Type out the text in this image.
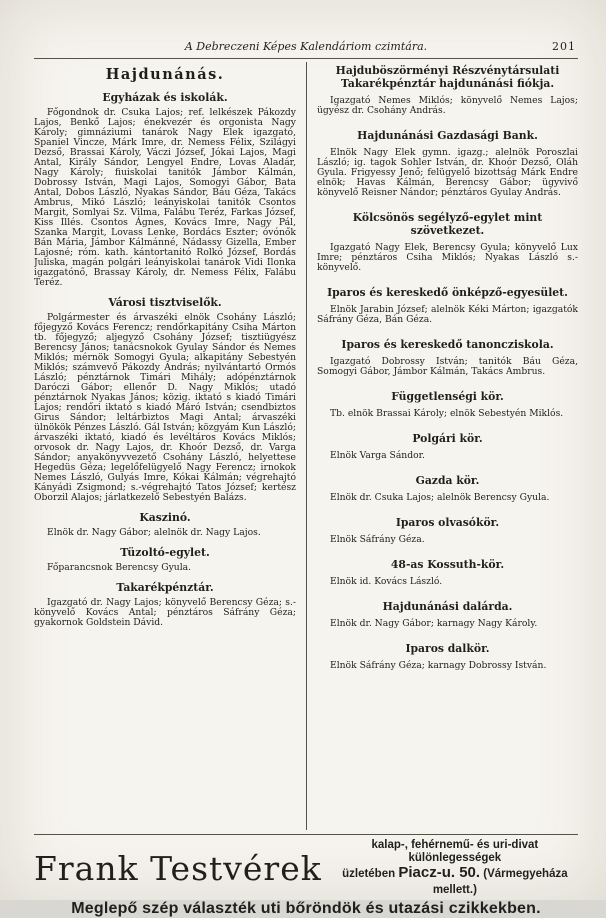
A Debreczeni Képes Kalendáriom czimtára.	201
Hajdunánás.
Egyházak és iskolák.

Főgondnok dr. Csuka Lajos; ref. lelkészek Pákozdy Lajos, Benkő Lajos; énekvezér és orgonista Nagy Károly; gimnáziumi tanárok Nagy Elek igazgató, Spaniel Vincze, Márk Imre, dr. Nemess Félix, Szilágyi Dezső, Brassai Károly, Váczi József, Jókai Lajos, Magi Antal, Király Sándor, Lengyel Endre, Lovas Aladár, Nagy Károly; fiuiskolai tanitók Jámbor Kálmán, Dobrossy István, Magi Lajos, Somogyi Gábor, Bata Antal, Dobos László, Nyakas Sándor, Báu Géza, Takács Ambrus, Mikó László; leányiskolai tanitók Csontos Margit, Somlyai Sz. Vilma, Falábu Teréz, Farkas József, Kiss Illés. Csontos Ágnes, Kovács Imre, Nagy Pál, Szanka Margit, Lovass Lenke, Bordács Eszter; óvónők Bán Mária, Jámbor Kálmánné, Nádassy Gizella, Ember Lajosné; róm. kath. kántortanitó Rolkó József, Bordás Juliska, magán polgári leányiskolai tanárok Vidi Ilonka igazgatónő, Brassay Károly, dr. Nemess Félix, Falábu Teréz.

Városi tisztviselők.

Polgármester és árvaszéki elnök Csohány László; főjegyző Kovács Ferencz; rendőrkapitány Csiha Márton tb. főjegyző; aljegyző Csohány József; tisztiügyész Berencsy János; tanácsnokok Gyulay Sándor és Nemes Miklós; mérnök Somogyi Gyula; alkapitány Sebestyén Miklós; számvevő Pákozdy András; nyilvántartó Ormós László; pénztárnok Timári Mihály; adópénztárnok Daróczi Gábor; ellenőr D. Nagy Miklós; utadó pénztárnok Nyakas János; közig. iktató s kiadó Timári Lajos; rendőri iktató s kiadó Máró István; csendbiztos Girus Sándor; leltárbiztos Magi Antal; árvaszéki ülnökök Pénzes László. Gál István; közgyám Kun László; árvaszéki iktató, kiadó és levéltáros Kovács Miklós; orvosok dr. Nagy Lajos, dr. Khoór Dezső, dr. Varga Sándor; anyakönyvvezető Csohány László, helyettese Hegedüs Géza; legelőfelügyelő Nagy Ferencz; irnokok Nemes László, Gulyás Imre, Kókai Kálmán; végrehajtó Kányádi Zsigmond; s.-végrehajtó Tatos József; kertész Oborzil Alajos; járlatkezelő Sebestyén Balázs.

Kaszinó.

Elnök dr. Nagy Gábor; alelnök dr. Nagy Lajos.

Tüzoltó-egylet.

Főparancsnok Berencsy Gyula.

Takarékpénztár.

Igazgató dr. Nagy Lajos; könyvelő Berencsy Géza; s.-könyvelő Kovács Antal; pénztáros Sáfrány Géza; gyakornok Goldstein Dávid.

Hajduböszörményi Részvénytársulati Takarékpénztár hajdunánási fiókja.

Igazgató Nemes Miklós; könyvelő Nemes Lajos; ügyész dr. Csohány András.

Hajdunánási Gazdasági Bank.

Elnök Nagy Elek gymn. igazg.; alelnök Poroszlai László; ig. tagok Sohler István, dr. Khoór Dezső, Oláh Gyula. Frigyessy Jenő; felügyelő bizottság Márk Endre elnök; Havas Kálmán, Berencsy Gábor; ügyvivő könyvelő Reisner Nándor; pénztáros Gyulay András.

Kölcsönös segélyző-egylet mint szövetkezet.

Igazgató Nagy Elek, Berencsy Gyula; könyvelő Lux Imre; pénztáros Csiha Miklós; Nyakas László s.-könyvelő.

Iparos és kereskedő önképző-egyesület.

Elnök Jarabin József; alelnök Kéki Márton; igazgatók Sáfrány Géza, Bán Géza.

Iparos és kereskedő tanoncziskola.

Igazgató Dobrossy István; tanitók Báu Géza, Somogyi Gábor, Jámbor Kálmán, Takács Ambrus.

Függetlenségi kör.

Tb. elnök Brassai Károly; elnök Sebestyén Miklós.

Polgári kör.

Elnök Varga Sándor.

Gazda kör.

Elnök dr. Csuka Lajos; alelnök Berencsy Gyula.

Iparos olvasókör.

Elnök Sáfrány Géza.

48-as Kossuth-kör.

Elnök id. Kovács László.

Hajdunánási dalárda.

Elnök dr. Nagy Gábor; karnagy Nagy Károly.

Iparos dalkör.

Elnök Sáfrány Géza; karnagy Dobrossy István.

Frank Testvérek
kalap-, fehérnemű- és uri-divat különlegességek
üzletében Piacz-u. 50. (Vármegyeháza mellett.)
Meglepő szép választék uti bőröndök és utazási czikkekben.
